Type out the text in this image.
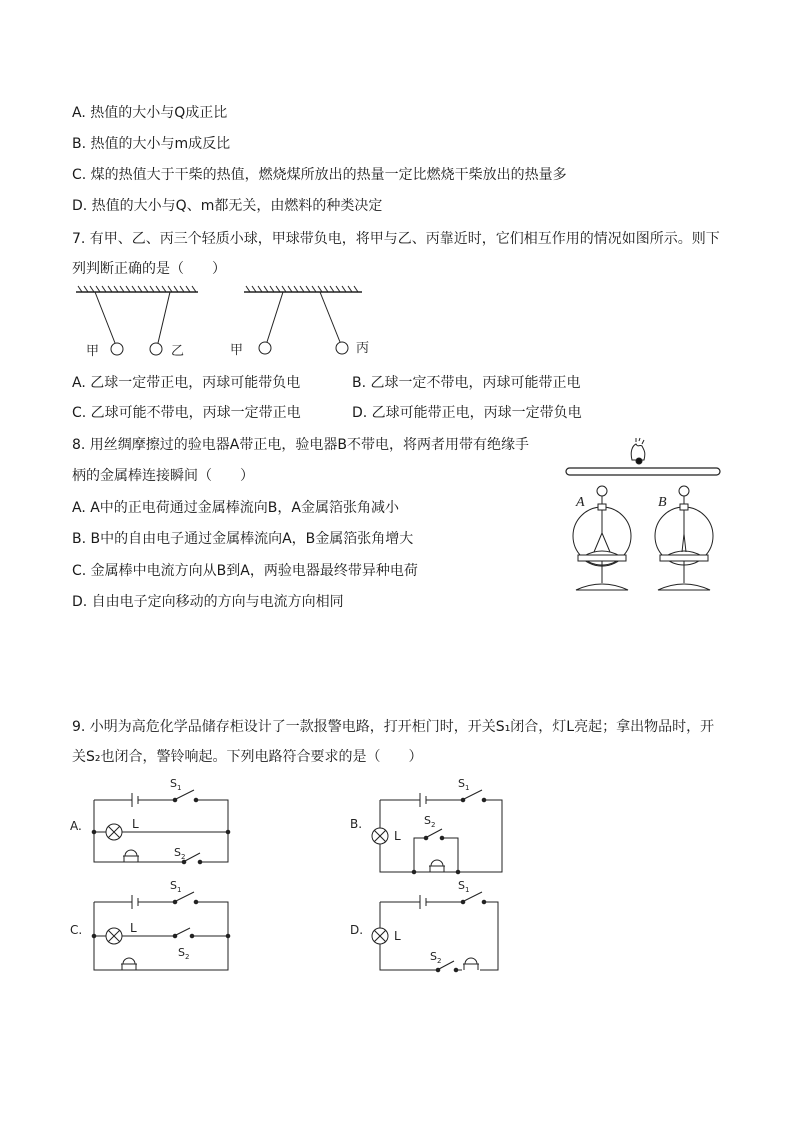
A. 热值的大小与Q成正比
B. 热值的大小与m成反比
C. 煤的热值大于干柴的热值，燃烧煤所放出的热量一定比燃烧干柴放出的热量多
D. 热值的大小与Q、m都无关，由燃料的种类决定
7. 有甲、乙、丙三个轻质小球，甲球带负电，将甲与乙、丙靠近时，它们相互作用的情况如图所示。则下
列判断正确的是（　　）
甲	乙	甲	丙
A. 乙球一定带正电，丙球可能带负电	B. 乙球一定不带电，丙球可能带正电
C. 乙球可能不带电，丙球一定带正电	D. 乙球可能带正电，丙球一定带负电
8. 用丝绸摩擦过的验电器A带正电，验电器B不带电，将两者用带有绝缘手
柄的金属棒连接瞬间（　　）
A. A中的正电荷通过金属棒流向B，A金属箔张角减小
B. B中的自由电子通过金属棒流向A，B金属箔张角增大
C. 金属棒中电流方向从B到A，两验电器最终带异种电荷
D. 自由电子定向移动的方向与电流方向相同
A	B
9. 小明为高危化学品储存柜设计了一款报警电路，打开柜门时，开关S₁闭合，灯L亮起；拿出物品时，开
关S₂也闭合，警铃响起。下列电路符合要求的是（　　）
A.
$S_1$
L
$S_2$
B.
$S_1$
L
$S_2$
C.
$S_1$
L
$S_2$
D.
$S_1$
L
$S_2$
